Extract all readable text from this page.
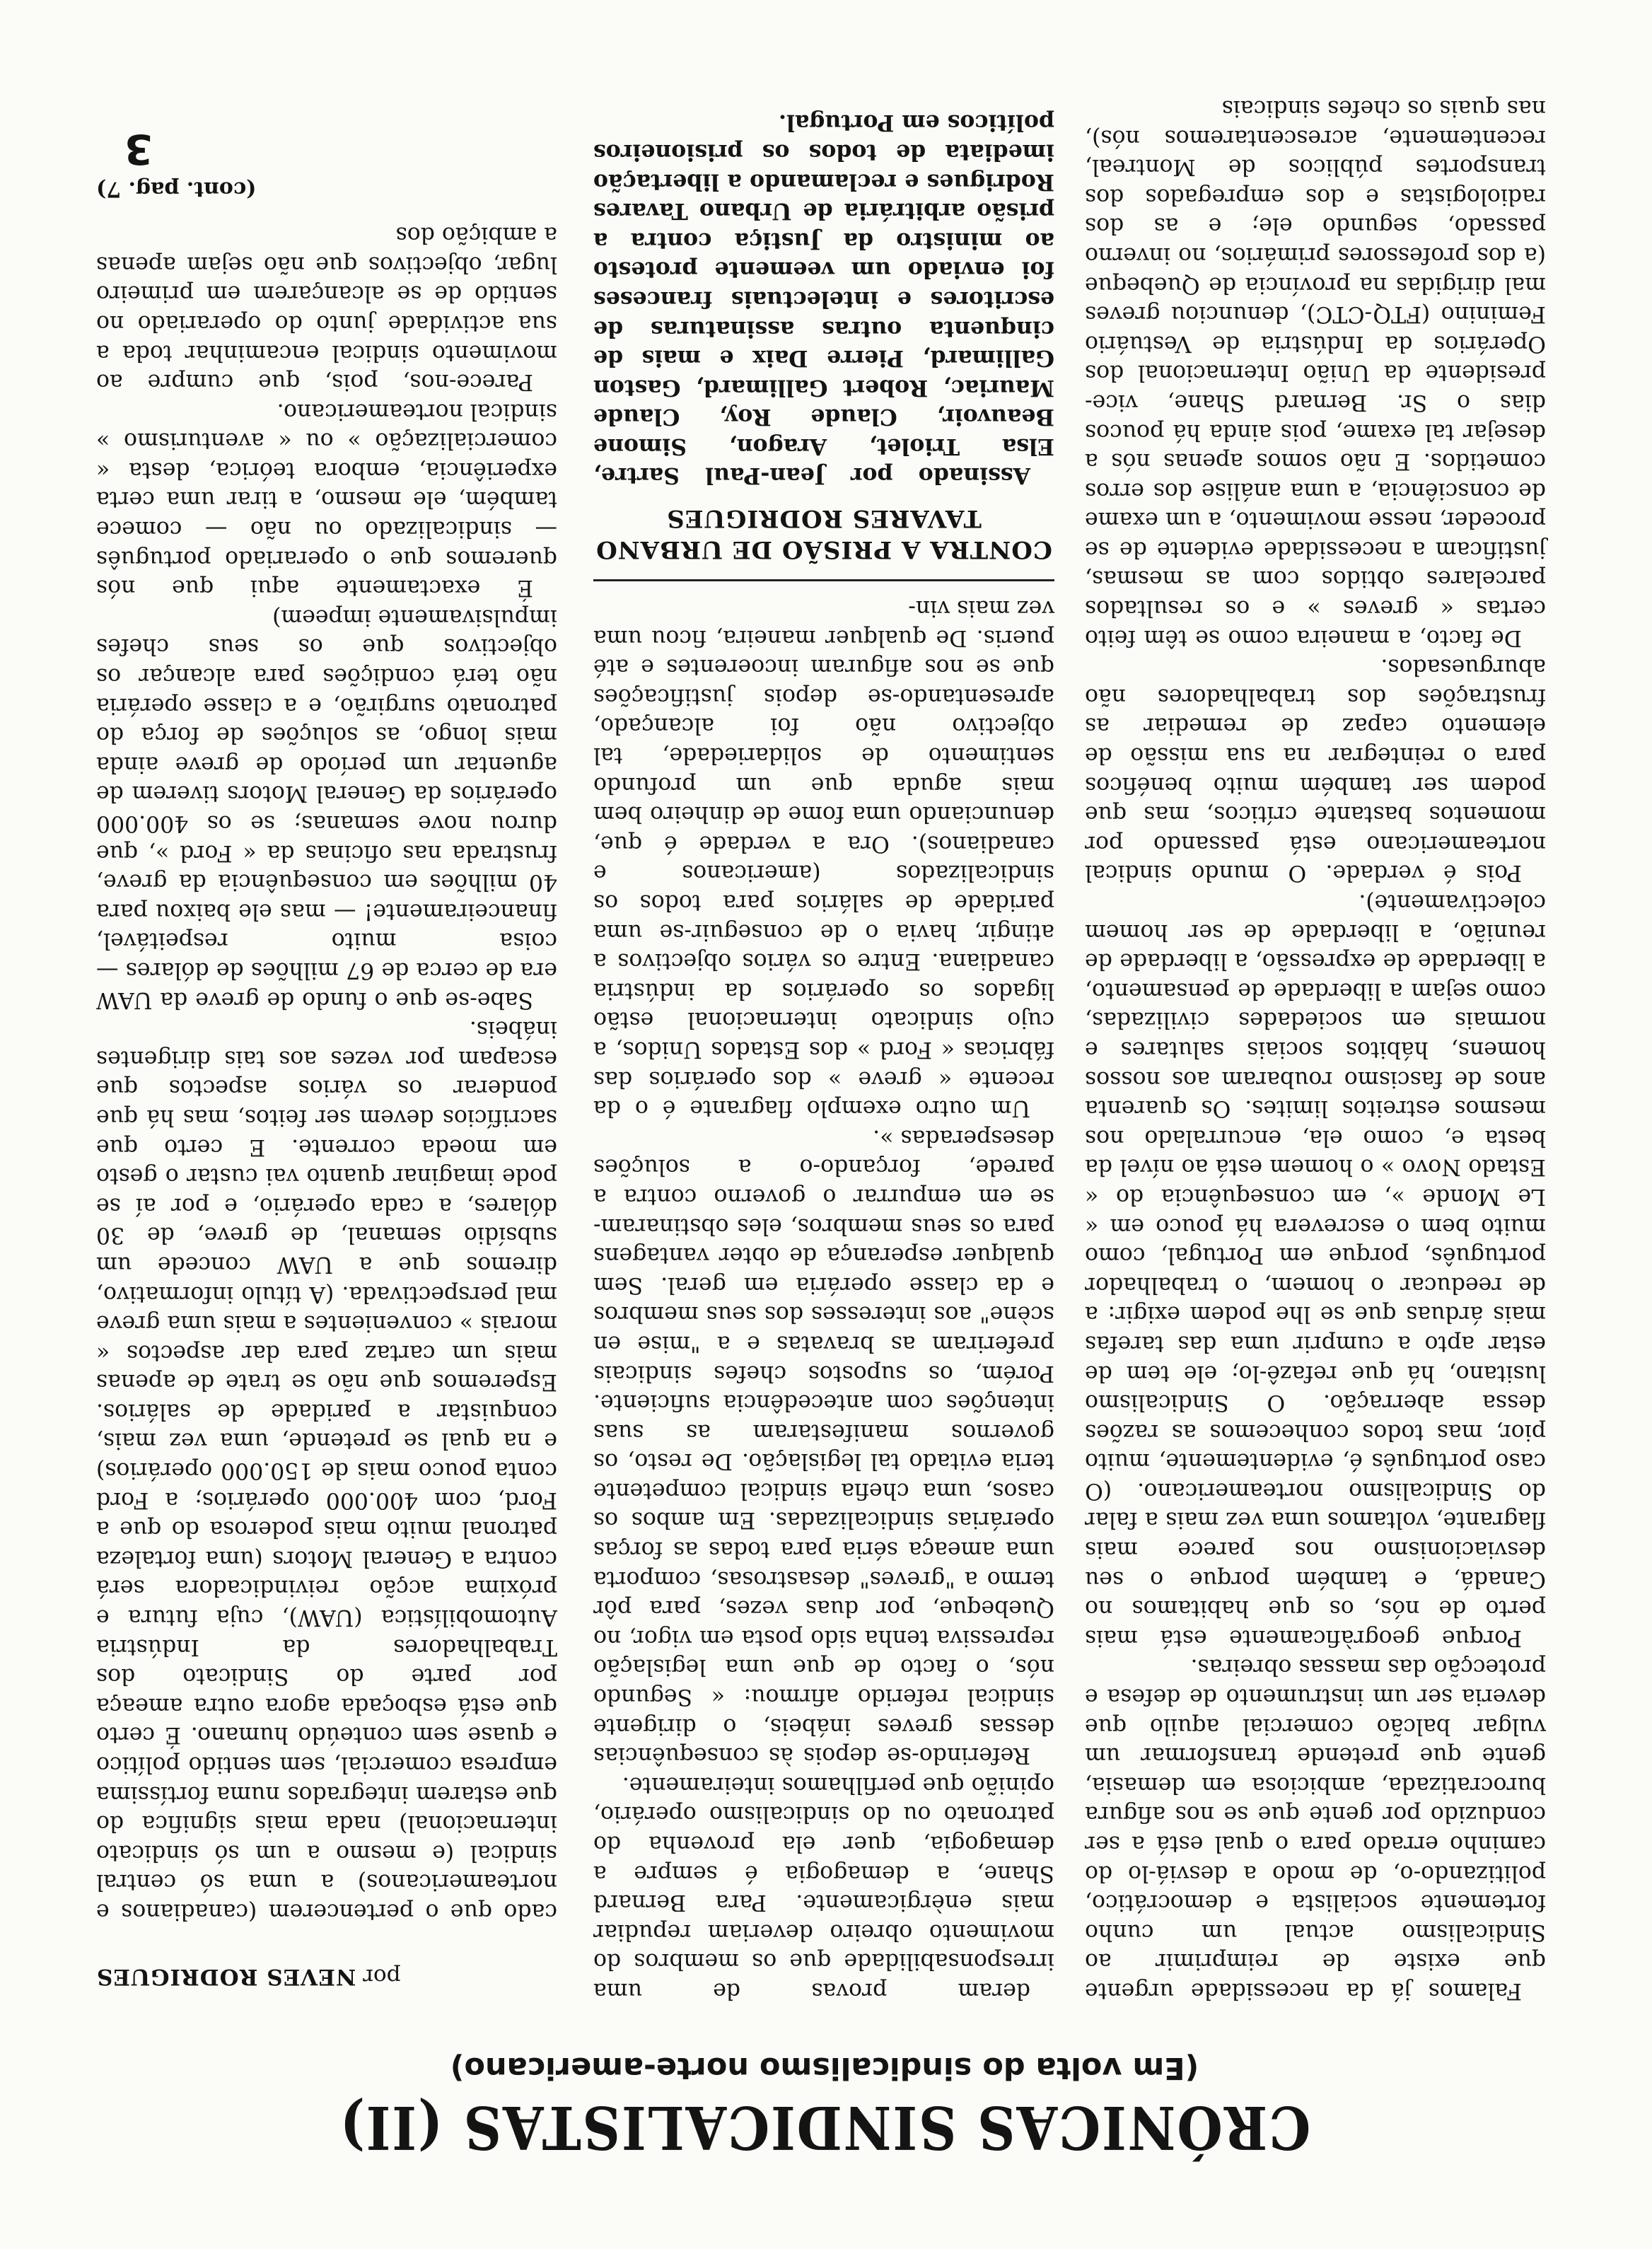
CRÓNICAS SINDICALISTAS (II)

(Em volta do sindicalismo norte-americano)

Falamos já da necessidade urgente que existe de reimprimir ao Sindicalismo actual um cunho fortemente socialista e democrático, politizando-o, de modo a desviá-lo do caminho errado para o qual está a ser conduzido por gente que se nos afigura burocratizada, ambiciosa em demasia, gente que pretende transformar um vulgar balcão comercial aquilo que deveria ser um instrumento de defesa e protecção das massas obreiras.

Porque geogràficamente está mais perto de nós, os que habitamos no Canadá, e também porque o seu desviacionismo nos parece mais flagrante, voltamos uma vez mais a falar do Sindicalismo norteamericano. (O caso português é, evidentemente, muito pior, mas todos conhecemos as razões dessa aberração. O Sindicalismo lusitano, há que refazê-lo; ele tem de estar apto a cumprir uma das tarefas mais árduas que se lhe podem exigir: a de reeducar o homem, o trabalhador português, porque em Portugal, como muito bem o escrevera há pouco em « Le Monde », em consequência do « Estado Novo » o homem está ao nível da besta e, como ela, encurralado nos mesmos estreitos limites. Os quarenta anos de fascismo roubaram aos nossos homens, hábitos sociais salutares e normais em sociedades civilizadas, como sejam a liberdade de pensamento, a liberdade de expressão, a liberdade de reunião, a liberdade de ser homem colectivamente).

Pois é verdade. O mundo sindical norteamericano está passando por momentos bastante críticos, mas que podem ser também muito benéficos para o reintegrar na sua missão de elemento capaz de remediar as frustrações dos trabalhadores não aburguesados.

De facto, a maneira como se têm feito certas « greves » e os resultados parcelares obtidos com as mesmas, justificam a necessidade evidente de se proceder, nesse movimento, a um exame de consciência, a uma análise dos erros cometidos. E não somos apenas nós a desejar tal exame, pois ainda há poucos dias o Sr. Bernard Shane, vice-presidente da União Internacional dos Operários da Indústria de Vestuário Feminino (FTQ-CTC), denunciou greves mal dirigidas na província de Quebeque (a dos professores primários, no inverno passado, segundo ele; e as dos radiologistas e dos empregados dos transportes públicos de Montreal, recentemente, acrescentaremos nós), nas quais os chefes sindicais

deram provas de uma irresponsabilidade que os membros do movimento obreiro deveriam repudiar mais enèrgicamente. Para Bernard Shane, a demagogia é sempre a demagogia, quer ela provenha do patronato ou do sindicalismo operário, opinião que perfilhamos inteiramente.

Referindo-se depois às consequências dessas greves inábeis, o dirigente sindical referido afirmou: « Segundo nós, o facto de que uma legislação repressiva tenha sido posta em vigor, no Quebeque, por duas vezes, para pôr termo a "greves" desastrosas, comporta uma ameaça séria para todas as forças operárias sindicalizadas. Em ambos os casos, uma chefia sindical competente teria evitado tal legislação. De resto, os governos manifestaram as suas intenções com antecedência suficiente. Porém, os supostos chefes sindicais preferiram as bravatas e a "mise en scène" aos interesses dos seus membros e da classe operária em geral. Sem qualquer esperança de obter vantagens para os seus membros, eles obstinaram-se em empurrar o governo contra a parede, forçando-o a soluções desesperadas ».

Um outro exemplo flagrante é o da recente « greve » dos operários das fábricas « Ford » dos Estados Unidos, a cujo sindicato internacional estão ligados os operários da indústria canadiana. Entre os vários objectivos a atingir, havia o de conseguir-se uma paridade de salários para todos os sindicalizados (americanos e canadianos). Ora a verdade é que, denunciando uma fome de dinheiro bem mais aguda que um profundo sentimento de solidariedade, tal objectivo não foi alcançado, apresentando-se depois justificações que se nos afiguram incoerentes e até pueris. De qualquer maneira, ficou uma vez mais vin-

CONTRA A PRISÃO DE URBANO
TAVARES RODRIGUES

Assinado por Jean-Paul Sartre, Elsa Triolet, Aragon, Simone Beauvoir, Claude Roy, Claude Mauriac, Robert Gallimard, Gaston Gallimard, Pierre Daix e mais de cinquenta outras assinaturas de escritores e intelectuais franceses foi enviado um veemente protesto ao ministro da Justiça contra a prisão arbitrária de Urbano Tavares Rodrigues e reclamando a libertação imediata de todos os prisioneiros políticos em Portugal.

por NEVES RODRIGUES

cado que o pertencerem (canadianos e norteamericanos) a uma só central sindical (e mesmo a um só sindicato internacional) nada mais significa do que estarem integrados numa fortíssima empresa comercial, sem sentido político e quase sem conteúdo humano. É certo que está esboçada agora outra ameaça por parte do Sindicato dos Trabalhadores da Indústria Automobilística (UAW), cuja futura e próxima acção reivindicadora será contra a General Motors (uma fortaleza patronal muito mais poderosa do que a Ford, com 400.000 operários; a Ford conta pouco mais de 150.000 operários) e na qual se pretende, uma vez mais, conquistar a paridade de salários. Esperemos que não se trate de apenas mais um cartaz para dar aspectos « morais » convenientes a mais uma greve mal perspectivada. (A título informativo, diremos que a UAW concede um subsídio semanal, de greve, de 30 dólares, a cada operário, e por aí se pode imaginar quanto vai custar o gesto em moeda corrente. E certo que sacrifícios devem ser feitos, mas há que ponderar os vários aspectos que escapam por vezes aos tais dirigentes inábeis.

Sabe-se que o fundo de greve da UAW era de cerca de 67 milhões de dólares — coisa muito respeitável, financeiramente! — mas ele baixou para 40 milhões em consequência da greve, frustrada nas oficinas da « Ford », que durou nove semanas; se os 400.000 operários da General Motors tiverem de aguentar um período de greve ainda mais longo, as soluções de força do patronato surgirão, e a classe operária não terá condições para alcançar os objectivos que os seus chefes impulsivamente impeem)

É exactamente aqui que nós queremos que o operariado português — sindicalizado ou não — comece também, ele mesmo, a tirar uma certa experiência, embora teórica, desta « comercialização » ou « aventurismo » sindical norteamericano.

Parece-nos, pois, que cumpre ao movimento sindical encaminhar toda a sua actividade junto do operariado no sentido de se alcançarem em primeiro lugar, objectivos que não sejam apenas a ambição dos

(cont. pag. 7)
3
